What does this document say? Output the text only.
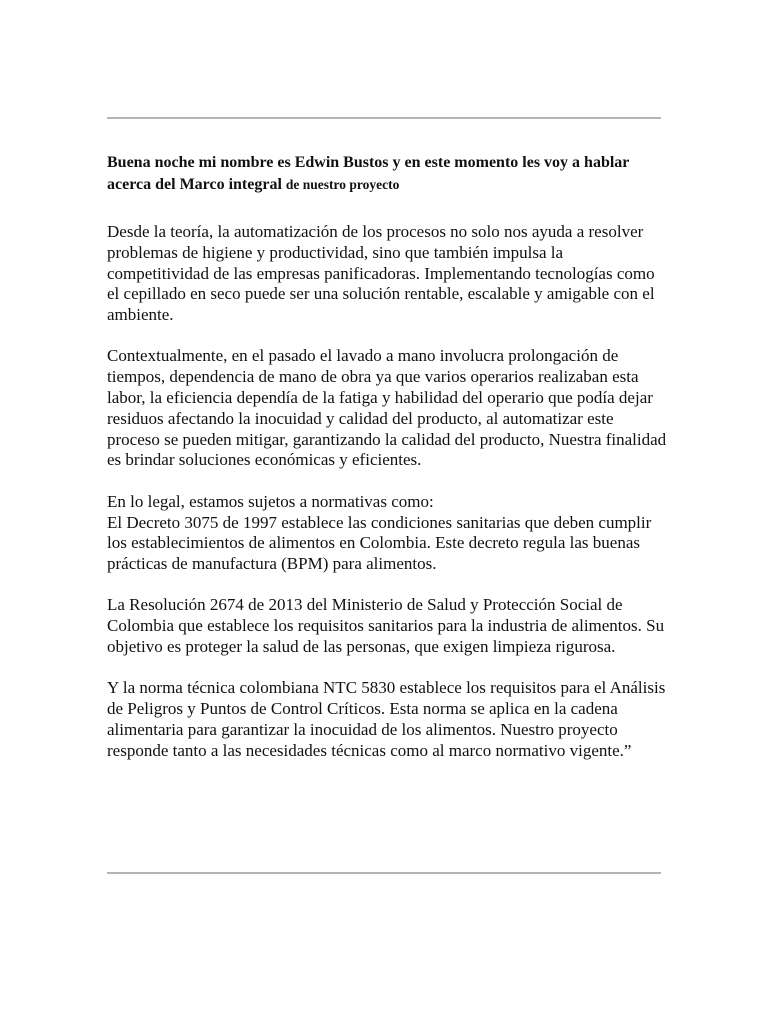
Buena noche mi nombre es Edwin Bustos y en este momento les voy a hablar acerca del Marco integral de nuestro proyecto

Desde la teoría, la automatización de los procesos no solo nos ayuda a resolver problemas de higiene y productividad, sino que también impulsa la competitividad de las empresas panificadoras. Implementando tecnologías como el cepillado en seco puede ser una solución rentable, escalable y amigable con el ambiente.

Contextualmente, en el pasado el lavado a mano involucra prolongación de tiempos, dependencia de mano de obra ya que varios operarios realizaban esta labor, la eficiencia dependía de la fatiga y habilidad del operario que podía dejar residuos afectando la inocuidad y calidad del producto, al automatizar este proceso se pueden mitigar, garantizando la calidad del producto, Nuestra finalidad es brindar soluciones económicas y eficientes.

En lo legal, estamos sujetos a normativas como:

El Decreto 3075 de 1997 establece las condiciones sanitarias que deben cumplir los establecimientos de alimentos en Colombia. Este decreto regula las buenas prácticas de manufactura (BPM) para alimentos.

La Resolución 2674 de 2013 del Ministerio de Salud y Protección Social de Colombia que establece los requisitos sanitarios para la industria de alimentos. Su objetivo es proteger la salud de las personas, que exigen limpieza rigurosa.

Y la norma técnica colombiana NTC 5830 establece los requisitos para el Análisis de Peligros y Puntos de Control Críticos. Esta norma se aplica en la cadena alimentaria para garantizar la inocuidad de los alimentos. Nuestro proyecto responde tanto a las necesidades técnicas como al marco normativo vigente.”
